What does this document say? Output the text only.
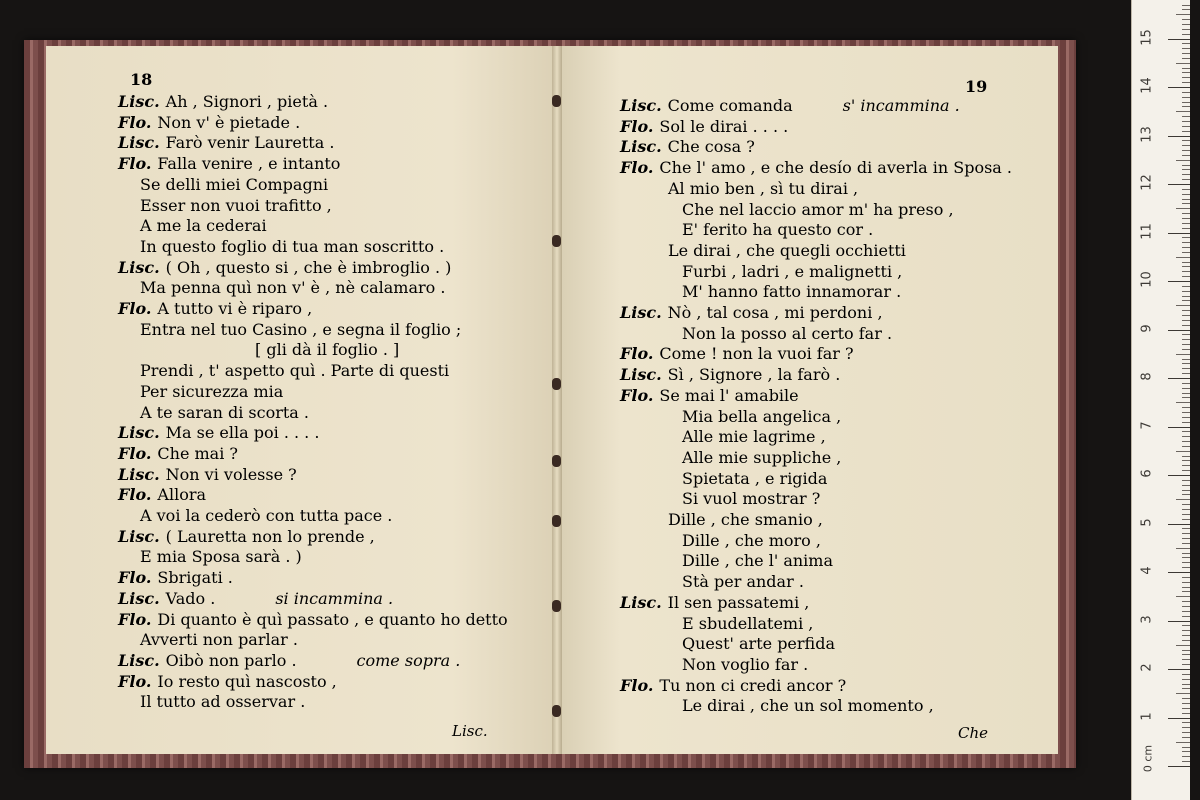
18	19
Lisc. Ah , Signori , pietà .
Flo. Non v' è pietade .
Lisc. Farò venir Lauretta .
Flo. Falla venire , e intanto
Se delli miei Compagni
Esser non vuoi trafitto ,
A me la cederai
In questo foglio di tua man soscritto .
Lisc. ( Oh , questo si , che è imbroglio . )
Ma penna quì non v' è , nè calamaro .
Flo. A tutto vi è riparo ,
Entra nel tuo Casino , e segna il foglio ;
[ gli dà il foglio . ]
Prendi , t' aspetto quì . Parte di questi
Per sicurezza mia
A te saran di scorta .
Lisc. Ma se ella poi . . . .
Flo. Che mai ?
Lisc. Non vi volesse ?
Flo. Allora
A voi la cederò con tutta pace .
Lisc. ( Lauretta non lo prende ,
E mia Sposa sarà . )
Flo. Sbrigati .
Lisc. Vado .	si incammina .
Flo. Di quanto è quì passato , e quanto ho detto
Avverti non parlar .
Lisc. Oibò non parlo .	come sopra .
Flo. Io resto quì nascosto ,
Il tutto ad osservar .
Lisc. Come comanda	s' incammina .
Flo. Sol le dirai . . . .
Lisc. Che cosa ?
Flo. Che l' amo , e che desío di averla in Sposa .
Al mio ben , sì tu dirai ,
Che nel laccio amor m' ha preso ,
E' ferito ha questo cor .
Le dirai , che quegli occhietti
Furbi , ladri , e malignetti ,
M' hanno fatto innamorar .
Lisc. Nò , tal cosa , mi perdoni ,
Non la posso al certo far .
Flo. Come ! non la vuoi far ?
Lisc. Sì , Signore , la farò .
Flo. Se mai l' amabile
Mia bella angelica ,
Alle mie lagrime ,
Alle mie suppliche ,
Spietata , e rigida
Si vuol mostrar ?
Dille , che smanio ,
Dille , che moro ,
Dille , che l' anima
Stà per andar .
Lisc. Il sen passatemi ,
E sbudellatemi ,
Quest' arte perfida
Non voglio far .
Flo. Tu non ci credi ancor ?
Le dirai , che un sol momento ,
Lisc.	Che
0 cm
1
2
3
4
5
6
7
8
9
10
11
12
13
14
15
